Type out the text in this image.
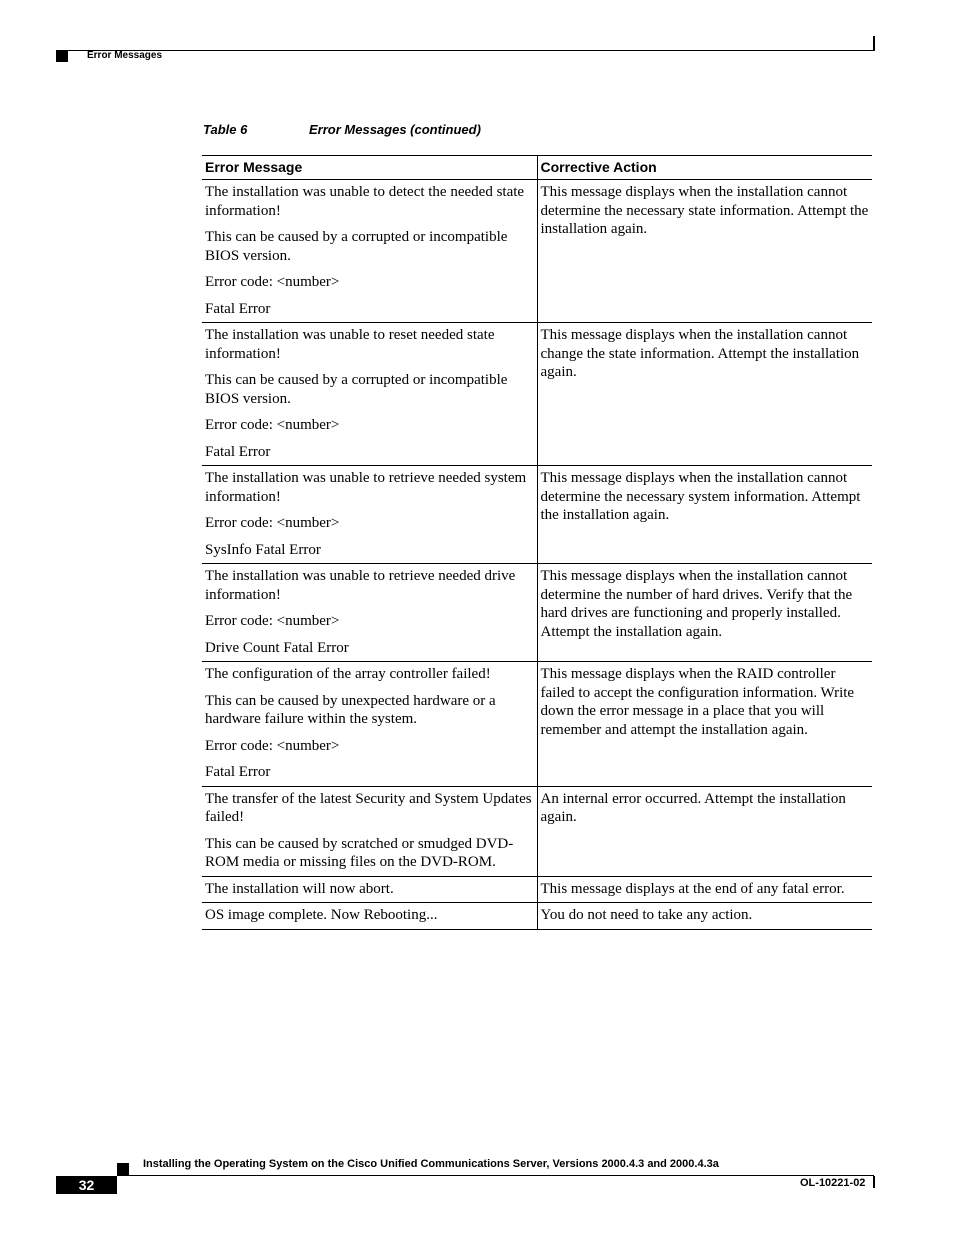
Error Messages
Table 6	Error Messages (continued)
Error Message	Corrective Action

The installation was unable to detect the needed state information!
This can be caused by a corrupted or incompatible BIOS version.
Error code: <number>
Fatal Error	This message displays when the installation cannot determine the necessary state information. Attempt the installation again.

The installation was unable to reset needed state information!
This can be caused by a corrupted or incompatible BIOS version.
Error code: <number>
Fatal Error	This message displays when the installation cannot change the state information. Attempt the installation again.

The installation was unable to retrieve needed system information!
Error code: <number>
SysInfo Fatal Error	This message displays when the installation cannot determine the necessary system information. Attempt the installation again.

The installation was unable to retrieve needed drive information!
Error code: <number>
Drive Count Fatal Error	This message displays when the installation cannot determine the number of hard drives. Verify that the hard drives are functioning and properly installed. Attempt the installation again.

The configuration of the array controller failed!
This can be caused by unexpected hardware or a hardware failure within the system.
Error code: <number>
Fatal Error	This message displays when the RAID controller failed to accept the configuration information. Write down the error message in a place that you will remember and attempt the installation again.

The transfer of the latest Security and System Updates failed!
This can be caused by scratched or smudged DVD-ROM media or missing files on the DVD-ROM.	An internal error occurred. Attempt the installation again.

The installation will now abort.	This message displays at the end of any fatal error.

OS image complete. Now Rebooting...	You do not need to take any action.
Installing the Operating System on the Cisco Unified Communications Server, Versions 2000.4.3 and 2000.4.3a
32	OL-10221-02
